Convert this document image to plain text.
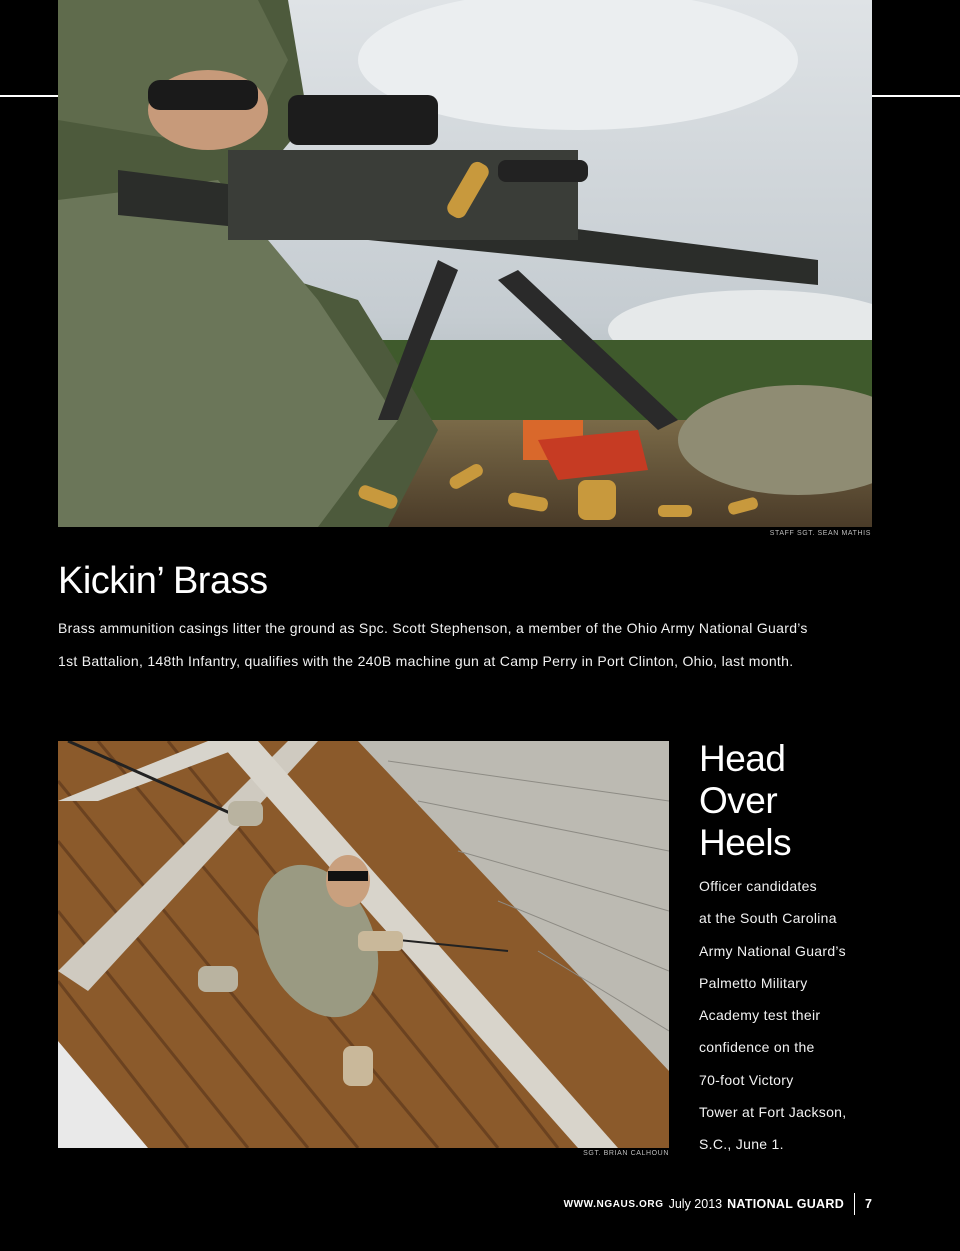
STAFF SGT. SEAN MATHIS
Kickin’ Brass
Brass ammunition casings litter the ground as Spc. Scott Stephenson, a member of the Ohio Army National Guard’s
1st Battalion, 148th Infantry, qualifies with the 240B machine gun at Camp Perry in Port Clinton, Ohio, last month.
SGT. BRIAN CALHOUN
Head
Over
Heels
Officer candidates
at the South Carolina
Army National Guard’s
Palmetto Military
Academy test their
confidence on the
70-foot Victory
Tower at Fort Jackson,
S.C., June 1.
WWW.NGAUS.ORG July 2013 NATIONAL GUARD 7
